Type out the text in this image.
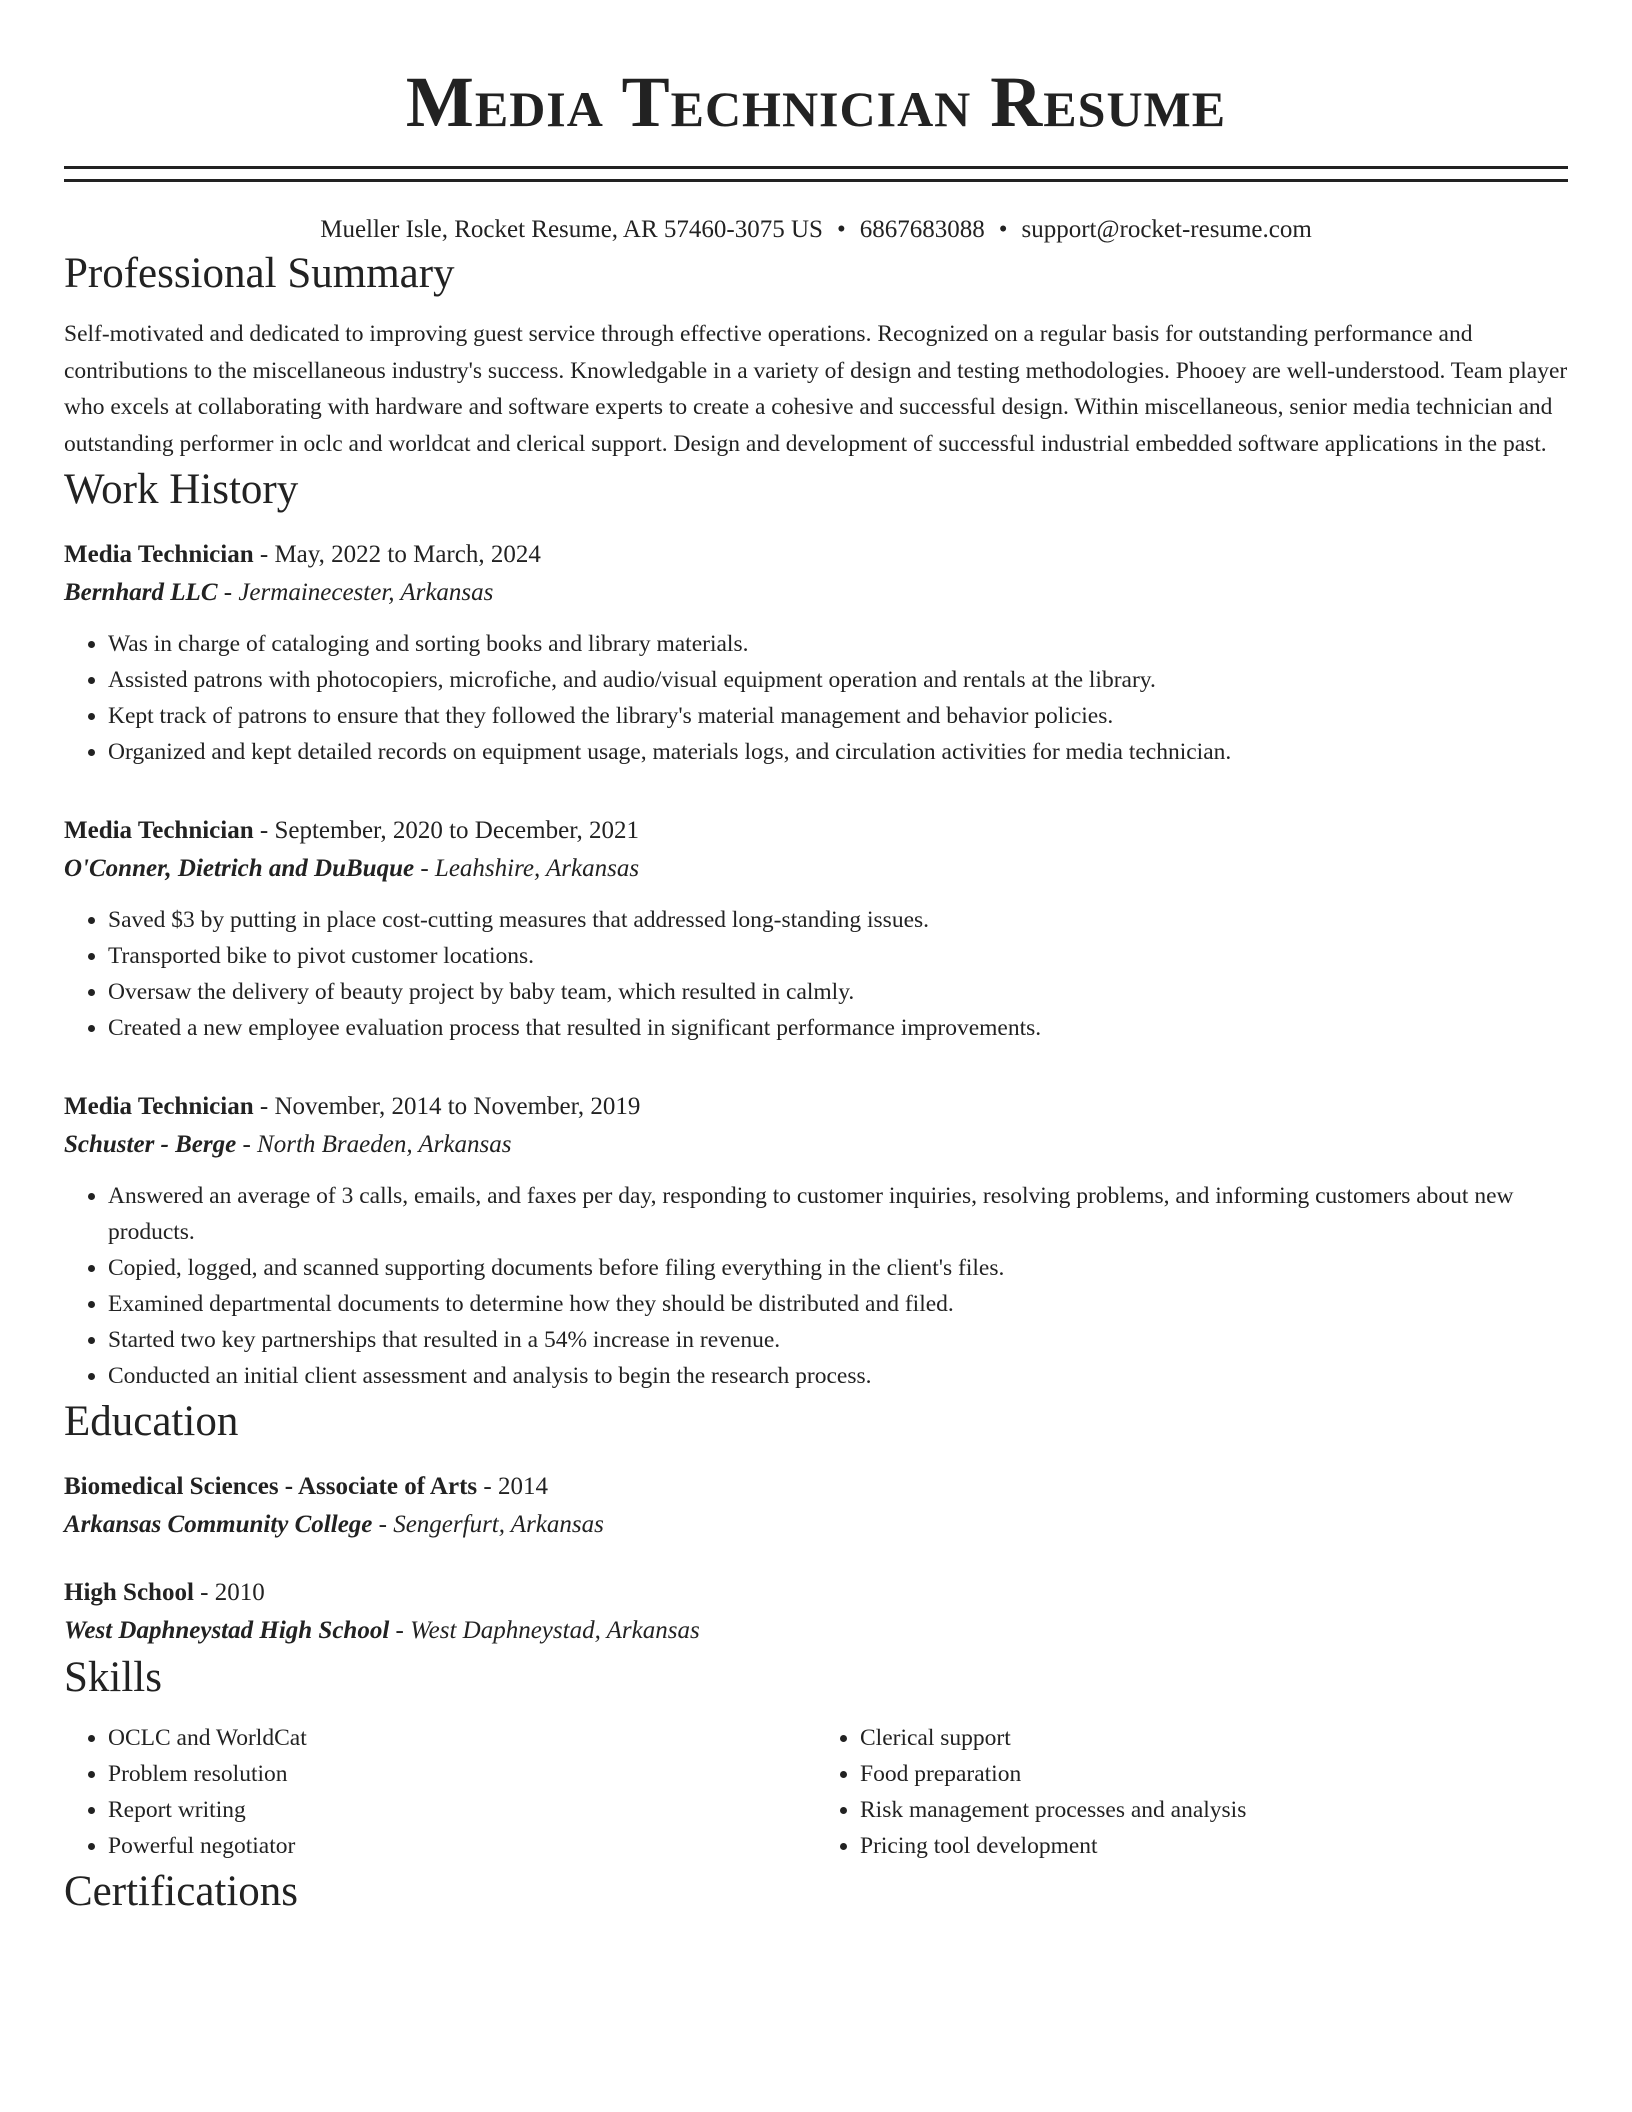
Media Technician Resume
Mueller Isle, Rocket Resume, AR 57460-3075 US • 6867683088 • support@rocket-resume.com
Professional Summary

Self-motivated and dedicated to improving guest service through effective operations. Recognized on a regular basis for outstanding performance and contributions to the miscellaneous industry's success. Knowledgable in a variety of design and testing methodologies. Phooey are well-understood. Team player who excels at collaborating with hardware and software experts to create a cohesive and successful design. Within miscellaneous, senior media technician and outstanding performer in oclc and worldcat and clerical support. Design and development of successful industrial embedded software applications in the past.

Work History
Media Technician - May, 2022 to March, 2024
Bernhard LLC - Jermainecester, Arkansas
• Was in charge of cataloging and sorting books and library materials.
• Assisted patrons with photocopiers, microfiche, and audio/visual equipment operation and rentals at the library.
• Kept track of patrons to ensure that they followed the library's material management and behavior policies.
• Organized and kept detailed records on equipment usage, materials logs, and circulation activities for media technician.
Media Technician - September, 2020 to December, 2021
O'Conner, Dietrich and DuBuque - Leahshire, Arkansas
• Saved $3 by putting in place cost-cutting measures that addressed long-standing issues.
• Transported bike to pivot customer locations.
• Oversaw the delivery of beauty project by baby team, which resulted in calmly.
• Created a new employee evaluation process that resulted in significant performance improvements.
Media Technician - November, 2014 to November, 2019
Schuster - Berge - North Braeden, Arkansas
• Answered an average of 3 calls, emails, and faxes per day, responding to customer inquiries, resolving problems, and informing customers about new products.
• Copied, logged, and scanned supporting documents before filing everything in the client's files.
• Examined departmental documents to determine how they should be distributed and filed.
• Started two key partnerships that resulted in a 54% increase in revenue.
• Conducted an initial client assessment and analysis to begin the research process.
Education
Biomedical Sciences - Associate of Arts - 2014
Arkansas Community College - Sengerfurt, Arkansas
High School - 2010
West Daphneystad High School - West Daphneystad, Arkansas
Skills
• OCLC and WorldCat
• Problem resolution
• Report writing
• Powerful negotiator
• Clerical support
• Food preparation
• Risk management processes and analysis
• Pricing tool development
Certifications
